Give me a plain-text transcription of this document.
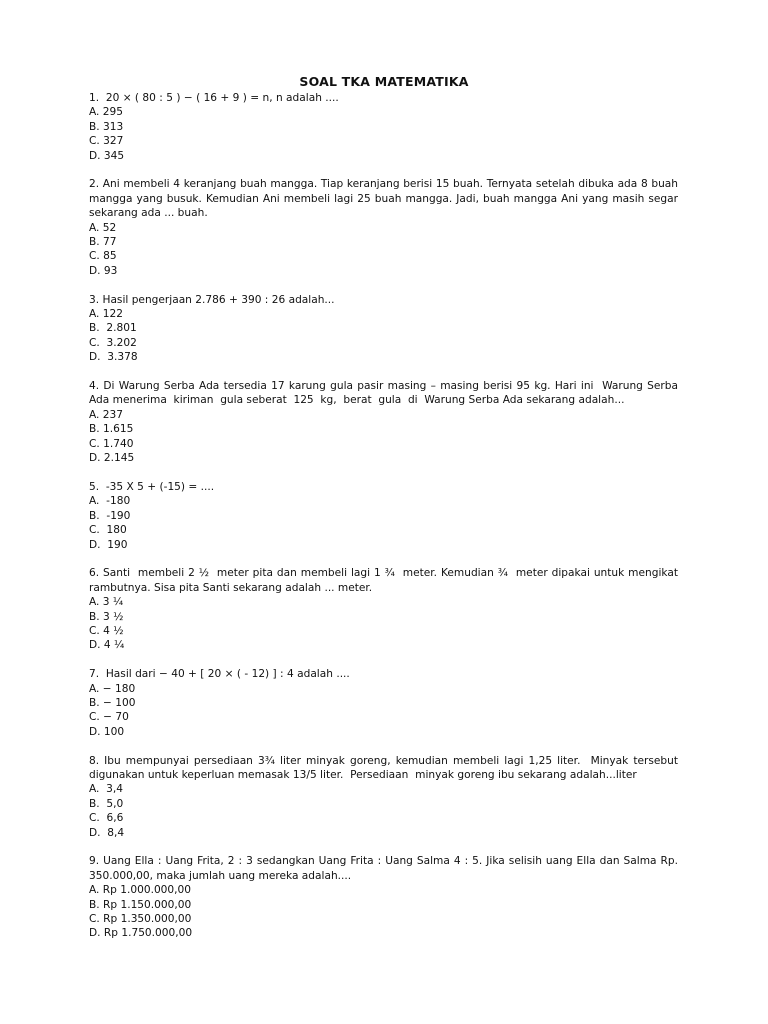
SOAL TKA MATEMATIKA
1.  20 × ( 80 : 5 ) − ( 16 + 9 ) = n, n adalah ....
A. 295
B. 313
C. 327
D. 345
2. Ani membeli 4 keranjang buah mangga. Tiap keranjang berisi 15 buah. Ternyata setelah dibuka ada 8 buah mangga yang busuk. Kemudian Ani membeli lagi 25 buah mangga. Jadi, buah mangga Ani yang masih segar sekarang ada ... buah.
A. 52
B. 77
C. 85
D. 93
3. Hasil pengerjaan 2.786 + 390 : 26 adalah...
A. 122
B.  2.801
C.  3.202
D.  3.378
4. Di Warung Serba Ada tersedia 17 karung gula pasir masing – masing berisi 95 kg. Hari ini  Warung Serba Ada menerima  kiriman  gula seberat  125  kg,  berat  gula  di  Warung Serba Ada sekarang adalah...
A. 237
B. 1.615
C. 1.740
D. 2.145
5.  -35 X 5 + (-15) = ....
A.  -180
B.  -190
C.  180
D.  190
6. Santi  membeli 2 ½  meter pita dan membeli lagi 1 ¾  meter. Kemudian ¾  meter dipakai untuk mengikat rambutnya. Sisa pita Santi sekarang adalah ... meter.
A. 3 ¼
B. 3 ½
C. 4 ½
D. 4 ¼
7.  Hasil dari − 40 + [ 20 × ( - 12) ] : 4 adalah ....
A. − 180
B. − 100
C. − 70
D. 100
8. Ibu mempunyai persediaan 3¾ liter minyak goreng, kemudian membeli lagi 1,25 liter.  Minyak tersebut digunakan untuk keperluan memasak 13/5 liter.  Persediaan  minyak goreng ibu sekarang adalah...liter
A.  3,4
B.  5,0
C.  6,6
D.  8,4
9. Uang Ella : Uang Frita, 2 : 3 sedangkan Uang Frita : Uang Salma 4 : 5. Jika selisih uang Ella dan Salma Rp. 350.000,00, maka jumlah uang mereka adalah....
A. Rp 1.000.000,00
B. Rp 1.150.000,00
C. Rp 1.350.000,00
D. Rp 1.750.000,00
